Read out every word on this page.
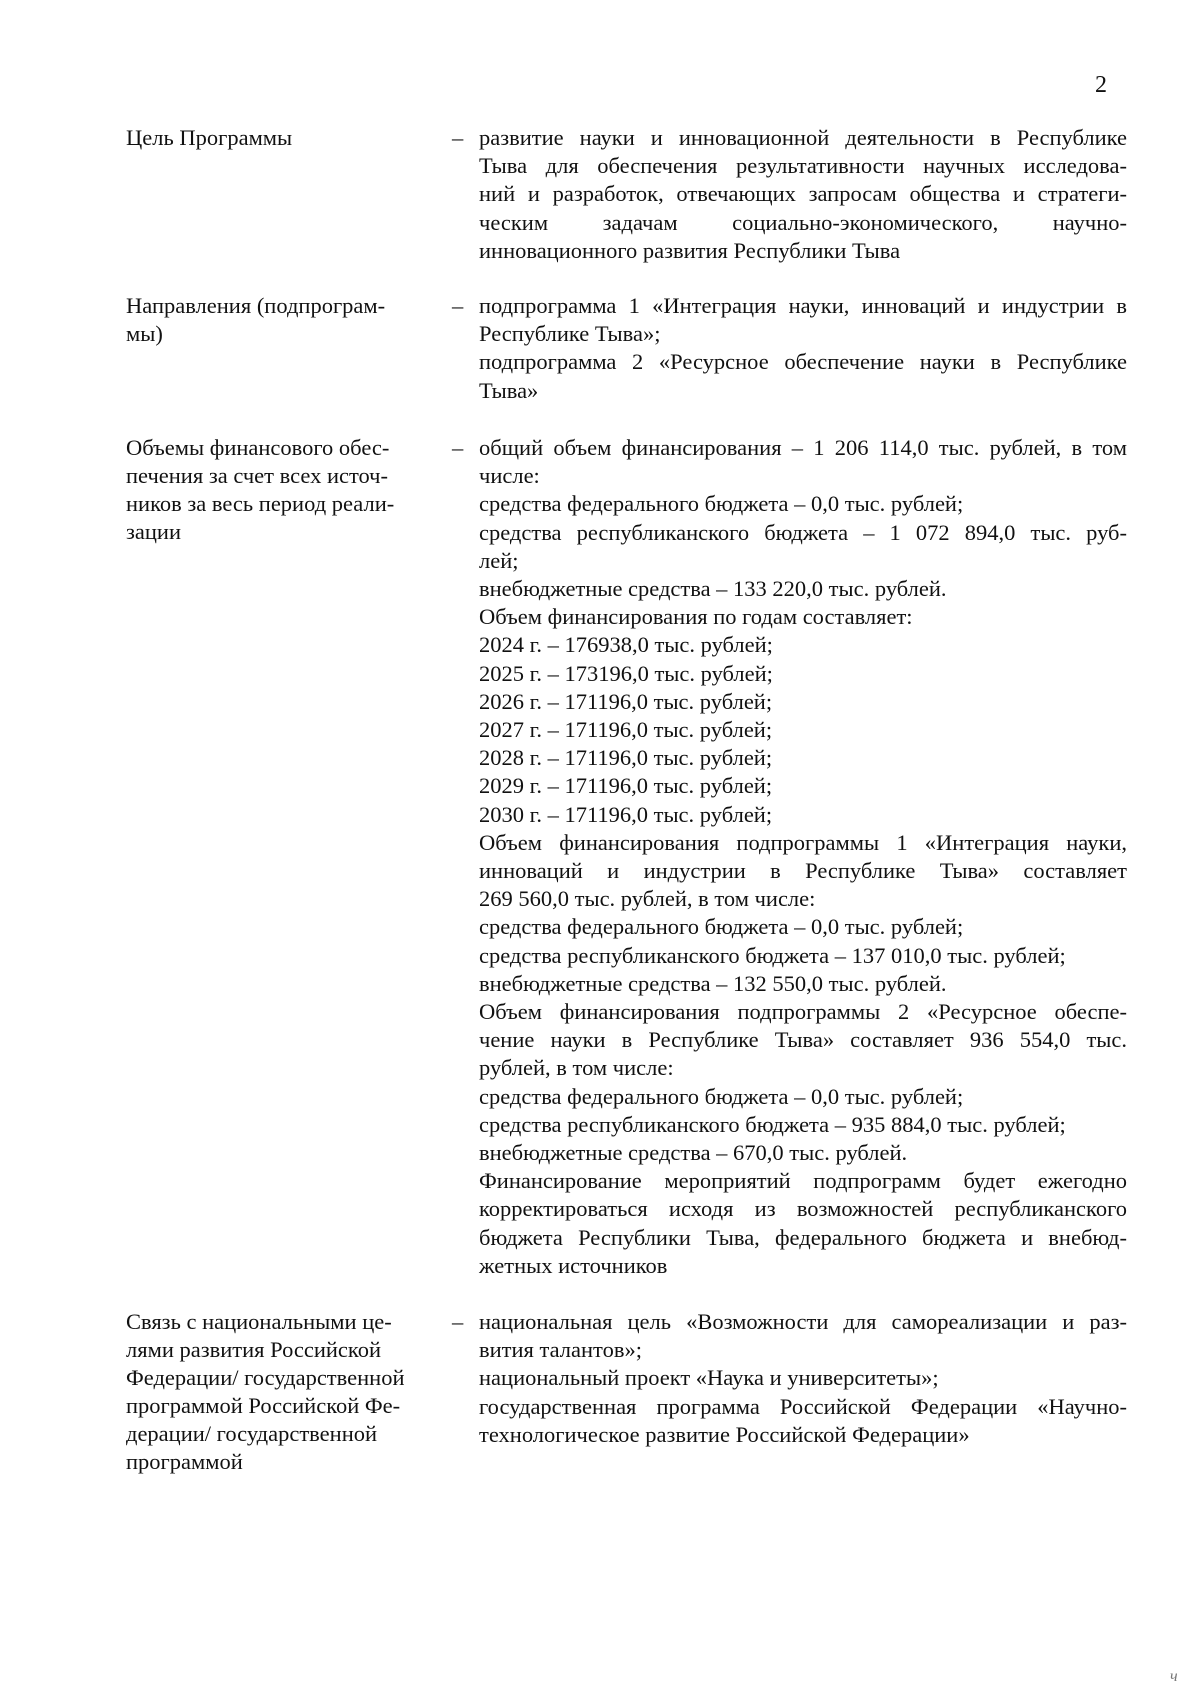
2

Цель Программы	– развитие науки и инновационной деятельности в Республике

Тыва для обеспечения результативности научных исследова-

ний и разработок, отвечающих запросам общества и стратеги-

ческим задачам социально-экономического, научно-

инновационного развития Республики Тыва

Направления (подпрограм-

мы)

– подпрограмма 1 «Интеграция науки, инноваций и индустрии в

Республике Тыва»;

подпрограмма 2 «Ресурсное обеспечение науки в Республике

Тыва»

Объемы финансового обес-

печения за счет всех источ-

ников за весь период реали-

зации

– общий объем финансирования – 1 206 114,0 тыс. рублей, в том

числе:

средства федерального бюджета – 0,0 тыс. рублей;

средства республиканского бюджета – 1 072 894,0 тыс. руб-

лей;

внебюджетные средства – 133 220,0 тыс. рублей.

Объем финансирования по годам составляет:

2024 г. – 176938,0 тыс. рублей;

2025 г. – 173196,0 тыс. рублей;

2026 г. – 171196,0 тыс. рублей;

2027 г. – 171196,0 тыс. рублей;

2028 г. – 171196,0 тыс. рублей;

2029 г. – 171196,0 тыс. рублей;

2030 г. – 171196,0 тыс. рублей;

Объем финансирования подпрограммы 1 «Интеграция науки,

инноваций и индустрии в Республике Тыва» составляет

269 560,0 тыс. рублей, в том числе:

средства федерального бюджета – 0,0 тыс. рублей;

средства республиканского бюджета – 137 010,0 тыс. рублей;

внебюджетные средства – 132 550,0 тыс. рублей.

Объем финансирования подпрограммы 2 «Ресурсное обеспе-

чение науки в Республике Тыва» составляет 936 554,0 тыс.

рублей, в том числе:

средства федерального бюджета – 0,0 тыс. рублей;

средства республиканского бюджета – 935 884,0 тыс. рублей;

внебюджетные средства – 670,0 тыс. рублей.

Финансирование мероприятий подпрограмм будет ежегодно

корректироваться исходя из возможностей республиканского

бюджета Республики Тыва, федерального бюджета и внебюд-

жетных источников

Связь с национальными це-

лями развития Российской

Федерации/ государственной

программой Российской Фе-

дерации/ государственной

программой

– национальная цель «Возможности для самореализации и раз-

вития талантов»;

национальный проект «Наука и университеты»;

государственная программа Российской Федерации «Научно-

технологическое развитие Российской Федерации»

ч
